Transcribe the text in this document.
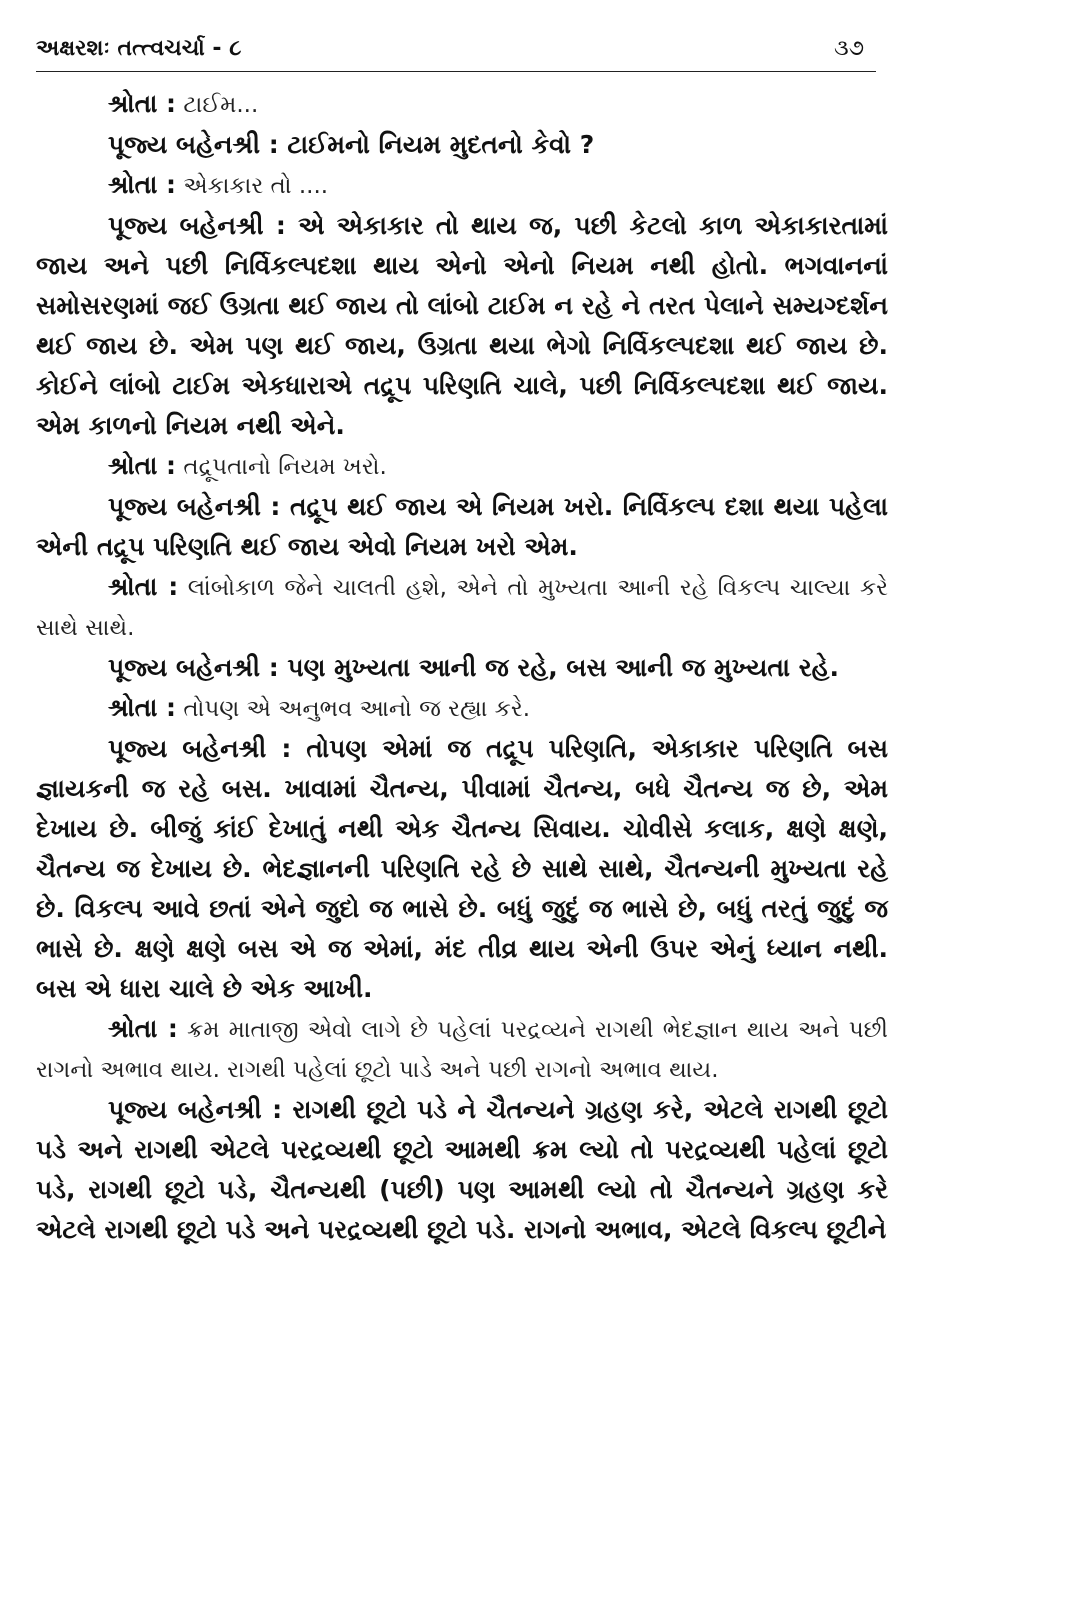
અક્ષરશઃ તત્ત્વચર્ચા - ૮	૩૭

શ્રોતા : ટાઈમ...

પૂજ્ય બહેનશ્રી : ટાઈમનો નિયમ મુદતનો કેવો ?

શ્રોતા : એકાકાર તો ....

પૂજ્ય બહેનશ્રી : એ એકાકાર તો થાય જ, પછી કેટલો કાળ એકાકારતામાં જાય અને પછી નિર્વિકલ્પદશા થાય એનો એનો નિયમ નથી હોતો. ભગવાનનાં સમોસરણમાં જઈ ઉગ્રતા થઈ જાય તો લાંબો ટાઈમ ન રહે ને તરત પેલાને સમ્યગ્દર્શન થઈ જાય છે. એમ પણ થઈ જાય, ઉગ્રતા થયા ભેગો નિર્વિકલ્પદશા થઈ જાય છે. કોઈને લાંબો ટાઈમ એકધારાએ તદ્રૂપ પરિણતિ ચાલે, પછી નિર્વિકલ્પદશા થઈ જાય. એમ કાળનો નિયમ નથી એને.

શ્રોતા : તદ્રૂપતાનો નિયમ ખરો.

પૂજ્ય બહેનશ્રી : તદ્રૂપ થઈ જાય એ નિયમ ખરો. નિર્વિકલ્પ દશા થયા પહેલા એની તદ્રૂપ પરિણતિ થઈ જાય એવો નિયમ ખરો એમ.

શ્રોતા : લાંબોકાળ જેને ચાલતી હશે, એને તો મુખ્યતા આની રહે વિકલ્પ ચાલ્યા કરે સાથે સાથે.

પૂજ્ય બહેનશ્રી : પણ મુખ્યતા આની જ રહે, બસ આની જ મુખ્યતા રહે.

શ્રોતા : તોપણ એ અનુભવ આનો જ રહ્યા કરે.

પૂજ્ય બહેનશ્રી : તોપણ એમાં જ તદ્રૂપ પરિણતિ, એકાકાર પરિણતિ બસ જ્ઞાયકની જ રહે બસ. ખાવામાં ચૈતન્ય, પીવામાં ચૈતન્ય, બધે ચૈતન્ય જ છે, એમ દેખાય છે. બીજું કાંઈ દેખાતું નથી એક ચૈતન્ય સિવાય. ચોવીસે કલાક, ક્ષણે ક્ષણે, ચૈતન્ય જ દેખાય છે. ભેદજ્ઞાનની પરિણતિ રહે છે સાથે સાથે, ચૈતન્યની મુખ્યતા રહે છે. વિકલ્પ આવે છતાં એને જુદો જ ભાસે છે. બધું જુદું જ ભાસે છે, બધું તરતું જુદું જ ભાસે છે. ક્ષણે ક્ષણે બસ એ જ એમાં, મંદ તીવ્ર થાય એની ઉપર એનું ધ્યાન નથી. બસ એ ધારા ચાલે છે એક આખી.

શ્રોતા : ક્રમ માતાજી એવો લાગે છે પહેલાં પરદ્રવ્યને રાગથી ભેદજ્ઞાન થાય અને પછી રાગનો અભાવ થાય. રાગથી પહેલાં છૂટો પાડે અને પછી રાગનો અભાવ થાય.

પૂજ્ય બહેનશ્રી : રાગથી છૂટો પડે ને ચૈતન્યને ગ્રહણ કરે, એટલે રાગથી છૂટો પડે અને રાગથી એટલે પરદ્રવ્યથી છૂટો આમથી ક્રમ લ્યો તો પરદ્રવ્યથી પહેલાં છૂટો પડે, રાગથી છૂટો પડે, ચૈતન્યથી (પછી) પણ આમથી લ્યો તો ચૈતન્યને ગ્રહણ કરે એટલે રાગથી છૂટો પડે અને પરદ્રવ્યથી છૂટો પડે. રાગનો અભાવ, એટલે વિકલ્પ છૂટીને
